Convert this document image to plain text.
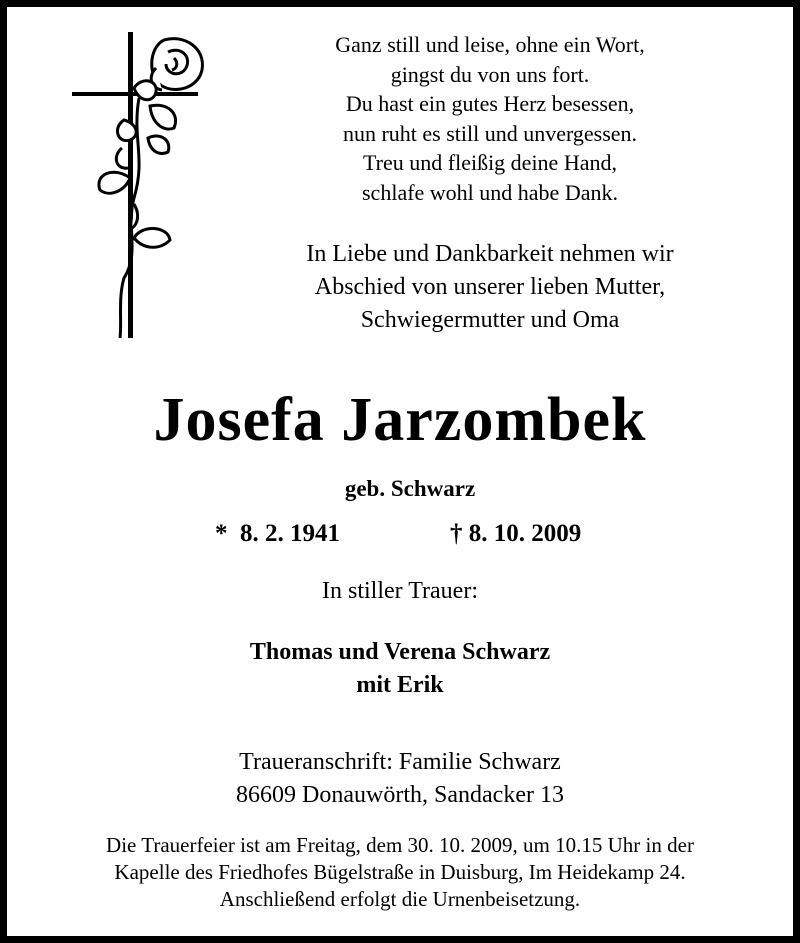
Ganz still und leise, ohne ein Wort,
gingst du von uns fort.
Du hast ein gutes Herz besessen,
nun ruht es still und unvergessen.
Treu und fleißig deine Hand,
schlafe wohl und habe Dank.
In Liebe und Dankbarkeit nehmen wir
Abschied von unserer lieben Mutter,
Schwiegermutter und Oma
Josefa Jarzombek
geb. Schwarz
*  8. 2. 1941	† 8. 10. 2009
In stiller Trauer:
Thomas und Verena Schwarz
mit Erik
Traueranschrift: Familie Schwarz
86609 Donauwörth, Sandacker 13
Die Trauerfeier ist am Freitag, dem 30. 10. 2009, um 10.15 Uhr in der
Kapelle des Friedhofes Bügelstraße in Duisburg, Im Heidekamp 24.
Anschließend erfolgt die Urnenbeisetzung.
